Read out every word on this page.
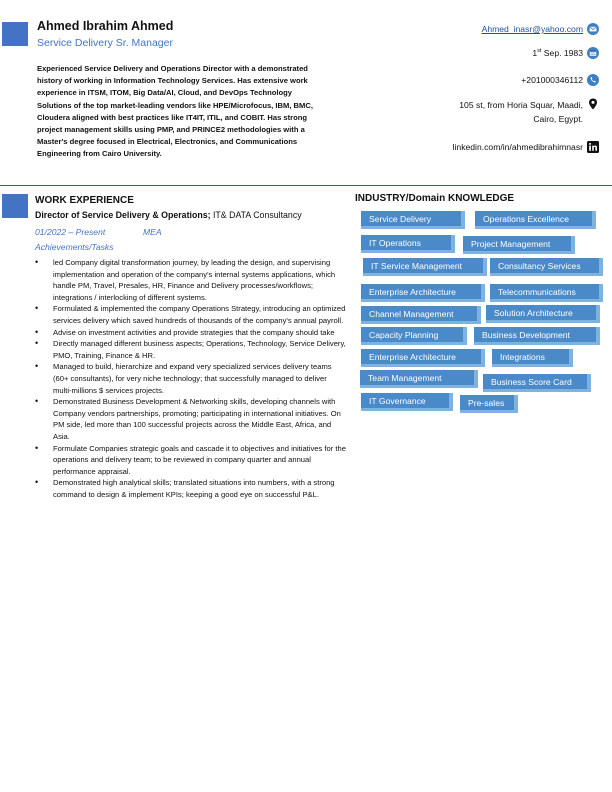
Ahmed Ibrahim Ahmed
Service Delivery Sr. Manager
Experienced Service Delivery and Operations Director with a demonstrated history of working in Information Technology Services. Has extensive work experience in ITSM, ITOM, Big Data/AI, Cloud, and DevOps Technology Solutions of the top market-leading vendors like HPE/Microfocus, IBM, BMC, Cloudera aligned with best practices like IT4IT, ITIL, and COBIT. Has strong project management skills using PMP, and PRINCE2 methodologies with a Master's degree focused in Electrical, Electronics, and Communications Engineering from Cairo University.
Ahmed_inasr@yahoo.com
1st Sep. 1983
+201000346112
105 st, from Horia Squar, Maadi,
Cairo, Egypt.
linkedin.com/in/ahmedibrahimnasr
WORK EXPERIENCE
Director of Service Delivery & Operations; IT& DATA Consultancy
01/2022 – Present	MEA
Achievements/Tasks
• led Company digital transformation journey, by leading the design, and supervising implementation and operation of the company's internal systems applications, which handle PM, Travel, Presales, HR, Finance and Delivery processes/workflows; integrations / interlocking of different systems.
• Formulated & implemented the company Operations Strategy, introducing an optimized services delivery which saved hundreds of thousands of the company's annual payroll.
• Advise on investment activities and provide strategies that the company should take
• Directly managed different business aspects; Operations, Technology, Service Delivery, PMO, Training, Finance & HR.
• Managed to build, hierarchize and expand very specialized services delivery teams (60+ consultants), for very niche technology; that successfully managed to deliver multi-millions $ services projects.
• Demonstrated Business Development & Networking skills, developing channels with Company vendors partnerships, promoting; participating in international initiatives. On PM side, led more than 100 successful projects across the Middle East, Africa, and Asia.
• Formulate Companies strategic goals and cascade it to objectives and initiatives for the operations and delivery team; to be reviewed in company quarter and annual performance appraisal.
• Demonstrated high analytical skills; translated situations into numbers, with a strong command to design & implement KPIs; keeping a good eye on successful P&L.
INDUSTRY/Domain KNOWLEDGE
Service Delivery	Operations Excellence
IT Operations	Project Management
IT Service Management	Consultancy Services
Enterprise Architecture	Telecommunications
Channel Management	Solution Architecture
Capacity Planning	Business Development
Enterprise Architecture	Integrations
Team Management	Business Score Card
IT Governance	Pre-sales
